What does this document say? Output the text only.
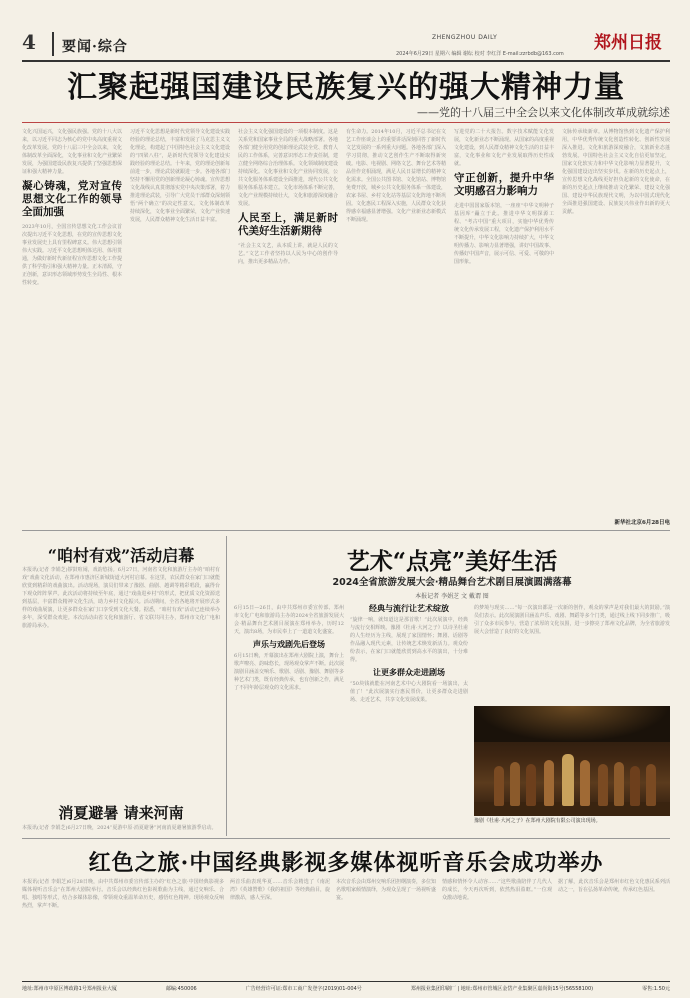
4 要闻·综合
ZHENGZHOU DAILY	郑州日报
2024年6月29日 星期六 编辑 谢纭 校对 李红洋 E-mail:zzrbdb@163.com
汇聚起强国建设民族复兴的强大精神力量
——党的十八届三中全会以来文化体制改革成就综述
文化兴国运兴，文化强民族强。党的十八大以来，以习近平同志为核心的党中央高度重视文化改革发展。党的十八届三中全会以来，文化体制改革全面深化，文化事业和文化产业繁荣发展，为强国建设民族复兴提供了坚强思想保证和强大精神力量。

凝心铸魂，党对宣传思想文化工作的领导全面加强
2023年10月，全国宣传思想文化工作会议首次提出习近平文化思想，在党的宣传思想文化事业发展史上具有里程碑意义。伟大思想引领伟大实践。习近平文化思想明体达用、体用贯通，为做好新时代新征程宣传思想文化工作提供了科学指引和强大精神力量。正本清源，守正创新，意识形态领域形势发生全局性、根本性转变。
习近平文化思想是新时代党领导文化建设实践经验的理论总结，丰富和发展了马克思主义文化理论，构建起了中国特色社会主义文化建设的“四梁八柱”，是新时代党领导文化建设实践经验的理论总结。十年来，党的理论创新每前进一步，理论武装就跟进一步。各地各部门坚持不懈用党的创新理论凝心铸魂。宣传思想文化战线认真贯彻落实党中央决策部署，着力推进理论武装，引导广大党员干部群众深刻领悟“两个确立”的决定性意义。文化体制改革持续深化，文化事业全面繁荣，文化产业快速发展，人民群众精神文化生活日益丰富。
社会主义文化强国建设的一项根本制度。这是关系党和国家事业全局的重大战略部署。各地各部门健全用党的创新理论武装全党、教育人民的工作体系，完善意识形态工作责任制，建立健全网络综合治理体系。文化领域制度建设持续深化。文化事业和文化产业协同发展，公共文化服务体系建设全面推进，现代公共文化服务体系基本建立。文化市场体系不断完善，文化产业规模持续壮大，文化和旅游深度融合发展。

人民至上，满足新时代美好生活新期待
“社会主义文艺，从本质上讲，就是人民的文艺。”文艺工作者坚持以人民为中心的创作导向，推出更多精品力作。
有生命力。2014年10月，习近平总书记在文艺工作座谈会上的重要讲话深刻回答了新时代文艺发展的一系列重大问题。各地各部门深入学习贯彻，推动文艺创作生产不断取得新突破。电影、电视剧、网络文艺、舞台艺术等精品佳作竞相涌现，满足人民日益增长的精神文化需求。全国公共图书馆、文化馆站、博物馆免费开放，城乡公共文化服务体系一体建设，农家书屋、乡村文化站等基层文化阵地不断巩固。文化惠民工程深入实施，人民群众文化获得感幸福感显著增强。文化产业新业态新模式不断涌现。
写进党的二十大报告。数字技术赋能文化发展，文化新业态不断涌现。从国家的高度重视文化建设，到人民群众精神文化生活的日益丰富，文化事业和文化产业发展取得历史性成就。

守正创新，提升中华文明感召力影响力
走进中国国家版本馆，一座座“中华文明种子基因库”矗立于此。推进中华文明探源工程、“考古中国”重大项目，实施中华优秀传统文化传承发展工程，文化遗产保护利用水平不断提升，中华文化影响力持续扩大，中华文明传播力、影响力显著增强，讲好中国故事、传播好中国声音，展示可信、可爱、可敬的中国形象。
文脉传承续新章。从博物馆热到文化遗产保护利用，中华优秀传统文化创造性转化、创新性发展深入推进。文化和旅游深度融合，文旅新业态蓬勃发展。中国特色社会主义文化自信更加坚定，国家文化软实力和中华文化影响力显著提升，文化强国建设迈出坚实步伐。在新的历史起点上，宣传思想文化战线更好担负起新的文化使命，在新的历史起点上继续推动文化繁荣、建设文化强国、建设中华民族现代文明，为以中国式现代化全面推进强国建设、民族复兴伟业作出新的更大贡献。
新华社北京6月28日电
“咱村有戏”活动启幕
本报讯(记者 李娟芝)锣鼓喧闹，戏韵悠扬。6月27日，河南省文化和旅游厅主办的“咱村有戏”戏曲文化活动，在郑州市惠济区新城街道大河村启幕。在这里，农民群众在家门口就能欣赏到精彩的戏曲演出。活动现场，演员们带来了豫剧、曲剧、越调等精彩唱段，赢得台下观众阵阵掌声。此次活动将持续至年底，通过“戏曲进乡村”的形式，把优质文化资源送到基层，丰富群众精神文化生活，助力乡村文化振兴。活动期间，全省各地将开展形式多样的戏曲展演，让更多群众在家门口享受到文化大餐。据悉，“咱村有戏”活动已连续举办多年，深受群众欢迎。本次活动由省文化和旅游厅、省文联共同主办，郑州市文化广电和旅游局承办。
消夏避暑 请来河南
本报讯(记者 李娟芝)6月27日晚，2024“夏游中原·消夏避暑”河南消夏避暑旅游季启动。
艺术“点亮”美好生活
2024全省旅游发展大会·精品舞台艺术剧目展演圆满落幕
本报记者 李娟芝 文 戴谓 图
6月15日—26日，由中共郑州市委宣传部、郑州市文化广电和旅游局主办的2024全省旅游发展大会·精品舞台艺术剧目展演在郑州举办，历时12天，演出8场，为市民奉上了一道道文化盛宴。

声乐与戏剧先后登场
6月15日晚，开幕演出在郑州大剧院上演，舞台上歌声嘹亮、韵味悠长，现场观众掌声不断。此次展演剧目涵盖交响乐、歌剧、话剧、豫剧、舞剧等多种艺术门类，既有经典传承，也有创新之作，满足了不同年龄层观众的文化需求。
经典与流行让艺术绽放
“旋律一响，就知道这是那首歌！”此次展演中，经典与流行交相辉映。豫剧《杜甫·大河之子》以诗圣杜甫的人生经历为主线，展现了家国情怀；舞剧、话剧等作品融入现代元素，让传统艺术焕发新活力。观众纷纷表示，在家门口就能欣赏到高水平的演出，十分难得。

让更多群众走进剧场
“50块钱就能在河南艺术中心大剧院看一场演出，太值了！”此次展演实行惠民票价，让更多群众走进剧场、走近艺术，共享文化发展成果。
的梦境与现实……“每一次演出都是一次新的创作，观众的掌声是对我们最大的鼓励。”演员们表示。此次展演剧目涵盖声乐、戏剧、舞蹈等多个门类，通过线上线下同步推广，吸引了众多市民参与，营造了浓厚的文化氛围，进一步擦亮了郑州文化品牌，为全省旅游发展大会营造了良好的文化氛围。
豫剧《杜甫·大河之子》在郑州大剧院有限公司演出现场。
红色之旅·中国经典影视多媒体视听音乐会成功举办
本报讯(记者 李娟芝)6月28日晚，由中共郑州市委宣传部主办的“红色之旅·中国经典影视多媒体视听音乐会”在郑州大剧院举行。音乐会以经典红色影视歌曲为主线，通过交响乐、合唱、独唱等形式，结合多媒体影像，带领观众重温革命历史，感悟红色精神。现场观众反响热烈，掌声不断。
两首乐曲表现华夏……音乐会精选了《南泥湾》《英雄赞歌》《我的祖国》等经典曲目，旋律激昂，感人至深。
本次音乐会由郑州交响乐团担纲演奏，多位知名歌唱家倾情演绎，为观众呈现了一场视听盛宴。
情感和情怀令人动容……“这些歌曲陪伴了几代人的成长，今天再次听到，依然热泪盈眶。”一位观众激动地说。
据了解，此次音乐会是郑州市红色文化惠民系列活动之一，旨在弘扬革命传统，传承红色基因。
地址:郑州市中原区博政路1号郑州报业大厦	邮编:450006	广告经营许可证:郑市工商广发登字(2019)01-004号	郑州报业集团印刷厂 | 地址:郑州市管城区金岱产业集聚区嘉尚街15号(56558100)	零售:1.50元
